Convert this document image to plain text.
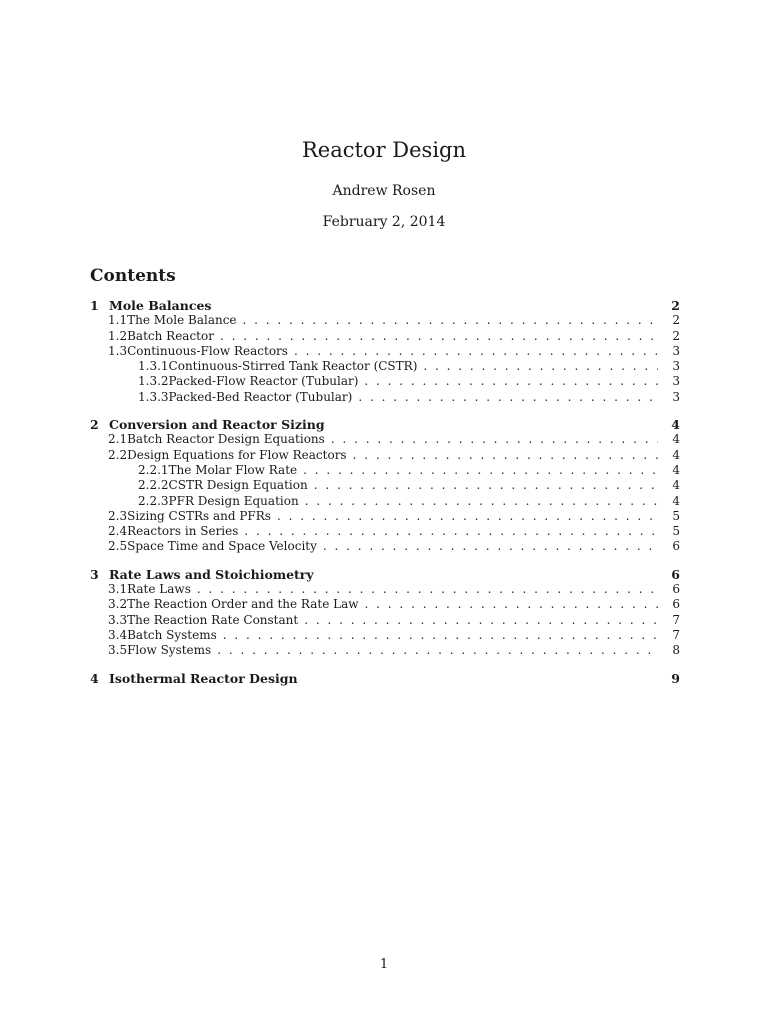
Reactor Design
Andrew Rosen
February 2, 2014
Contents
1 Mole Balances	2
1.1 The Mole Balance . . .	2
1.2 Batch Reactor . . .	2
1.3 Continuous-Flow Reactors . . .	3
1.3.1 Continuous-Stirred Tank Reactor (CSTR) . . .	3
1.3.2 Packed-Flow Reactor (Tubular) . . .	3
1.3.3 Packed-Bed Reactor (Tubular) . . .	3
2 Conversion and Reactor Sizing	4
2.1 Batch Reactor Design Equations . . .	4
2.2 Design Equations for Flow Reactors . . .	4
2.2.1 The Molar Flow Rate . . .	4
2.2.2 CSTR Design Equation . . .	4
2.2.3 PFR Design Equation . . .	4
2.3 Sizing CSTRs and PFRs . . .	5
2.4 Reactors in Series . . .	5
2.5 Space Time and Space Velocity . . .	6
3 Rate Laws and Stoichiometry	6
3.1 Rate Laws . . .	6
3.2 The Reaction Order and the Rate Law . . .	6
3.3 The Reaction Rate Constant . . .	7
3.4 Batch Systems . . .	7
3.5 Flow Systems . . .	8
4 Isothermal Reactor Design	9
1
